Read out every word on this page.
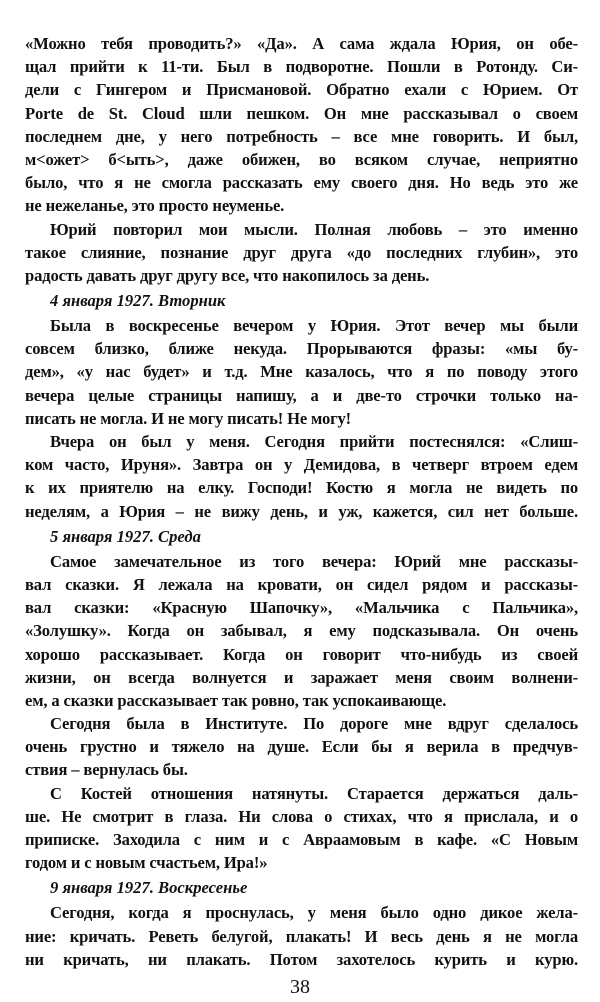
«Можно тебя проводить?» «Да». А сама ждала Юрия, он обе-
щал прийти к 11-ти. Был в подворотне. Пошли в Ротонду. Си-
дели с Гингером и Присмановой. Обратно ехали с Юрием. От
Porte de St. Cloud шли пешком. Он мне рассказывал о своем
последнем дне, у него потребность – все мне говорить. И был,
м<ожет> б<ыть>, даже обижен, во всяком случае, неприятно
было, что я не смогла рассказать ему своего дня. Но ведь это же
не нежеланье, это просто неуменье.
Юрий повторил мои мысли. Полная любовь – это именно
такое слияние, познание друг друга «до последних глубин», это
радость давать друг другу все, что накопилось за день.
4 января 1927. Вторник
Была в воскресенье вечером у Юрия. Этот вечер мы были
совсем близко, ближе некуда. Прорываются фразы: «мы бу-
дем», «у нас будет» и т.д. Мне казалось, что я по поводу этого
вечера целые страницы напишу, а и две-то строчки только на-
писать не могла. И не могу писать! Не могу!
Вчера он был у меня. Сегодня прийти постеснялся: «Слиш-
ком часто, Ируня». Завтра он у Демидова, в четверг втроем едем
к их приятелю на елку. Господи! Костю я могла не видеть по
неделям, а Юрия – не вижу день, и уж, кажется, сил нет больше.
5 января 1927. Среда
Самое замечательное из того вечера: Юрий мне рассказы-
вал сказки. Я лежала на кровати, он сидел рядом и рассказы-
вал сказки: «Красную Шапочку», «Мальчика с Пальчика»,
«Золушку». Когда он забывал, я ему подсказывала. Он очень
хорошо рассказывает. Когда он говорит что-нибудь из своей
жизни, он всегда волнуется и заражает меня своим волнени-
ем, а сказки рассказывает так ровно, так успокаивающе.
Сегодня была в Институте. По дороге мне вдруг сделалось
очень грустно и тяжело на душе. Если бы я верила в предчув-
ствия – вернулась бы.
С Костей отношения натянуты. Старается держаться даль-
ше. Не смотрит в глаза. Ни слова о стихах, что я прислала, и о
приписке. Заходила с ним и с Авраамовым в кафе. «С Новым
годом и с новым счастьем, Ира!»
9 января 1927. Воскресенье
Сегодня, когда я проснулась, у меня было одно дикое жела-
ние: кричать. Реветь белугой, плакать! И весь день я не могла
ни кричать, ни плакать. Потом захотелось курить и курю.
38
